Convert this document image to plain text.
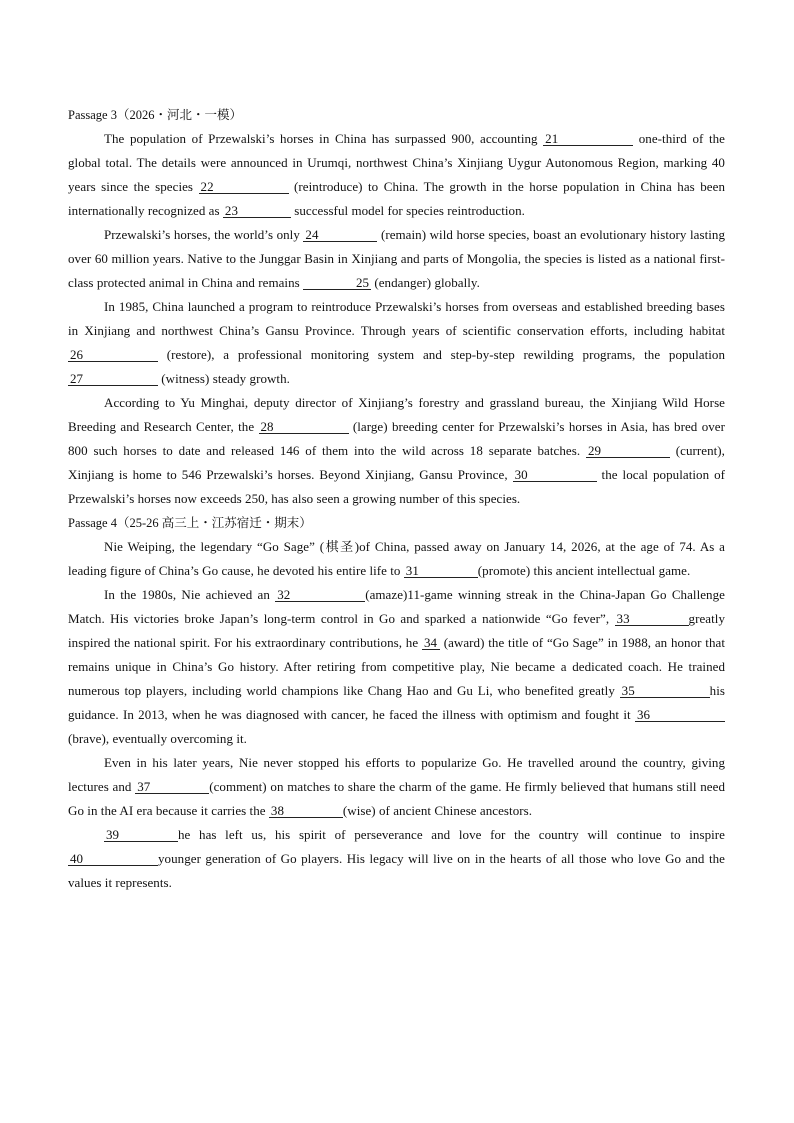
Passage 3（2026・河北・一模）

The population of Przewalski’s horses in China has surpassed 900, accounting 21	one-third of the global total. The details were announced in Urumqi, northwest China’s Xinjiang Uygur Autonomous Region, marking 40 years since the species 22	(reintroduce) to China. The growth in the horse population in China has been internationally recognized as 23	successful model for species reintroduction.

Przewalski’s horses, the world’s only 24	(remain) wild horse species, boast an evolutionary history lasting over 60 million years. Native to the Junggar Basin in Xinjiang and parts of Mongolia, the species is listed as a national first-class protected animal in China and remains	25 (endanger) globally.

In 1985, China launched a program to reintroduce Przewalski’s horses from overseas and established breeding bases in Xinjiang and northwest China’s Gansu Province. Through years of scientific conservation efforts, including habitat 26	(restore), a professional monitoring system and step-by-step rewilding programs, the population 27	(witness) steady growth.

According to Yu Minghai, deputy director of Xinjiang’s forestry and grassland bureau, the Xinjiang Wild Horse Breeding and Research Center, the 28	(large) breeding center for Przewalski’s horses in Asia, has bred over 800 such horses to date and released 146 of them into the wild across 18 separate batches. 29	(current), Xinjiang is home to 546 Przewalski’s horses. Beyond Xinjiang, Gansu Province, 30	the local population of Przewalski’s horses now exceeds 250, has also seen a growing number of this species.

Passage 4（25-26 高三上・江苏宿迁・期末）

Nie Weiping, the legendary “Go Sage” (棋圣)of China, passed away on January 14, 2026, at the age of 74. As a leading figure of China’s Go cause, he devoted his entire life to 31	(promote) this ancient intellectual game.

In the 1980s, Nie achieved an 32	(amaze)11-game winning streak in the China-Japan Go Challenge Match. His victories broke Japan’s long-term control in Go and sparked a nationwide “Go fever”, 33	greatly inspired the national spirit. For his extraordinary contributions, he 34 (award) the title of “Go Sage” in 1988, an honor that remains unique in China’s Go history. After retiring from competitive play, Nie became a dedicated coach. He trained numerous top players, including world champions like Chang Hao and Gu Li, who benefited greatly 35	his guidance. In 2013, when he was diagnosed with cancer, he faced the illness with optimism and fought it 36(brave), eventually overcoming it.

Even in his later years, Nie never stopped his efforts to popularize Go. He travelled around the country, giving lectures and 37	(comment) on matches to share the charm of the game. He firmly believed that humans still need Go in the AI era because it carries the 38	(wise) of ancient Chinese ancestors.

39	he has left us, his spirit of perseverance and love for the country will continue to inspire 40	younger generation of Go players. His legacy will live on in the hearts of all those who love Go and the values it represents.
